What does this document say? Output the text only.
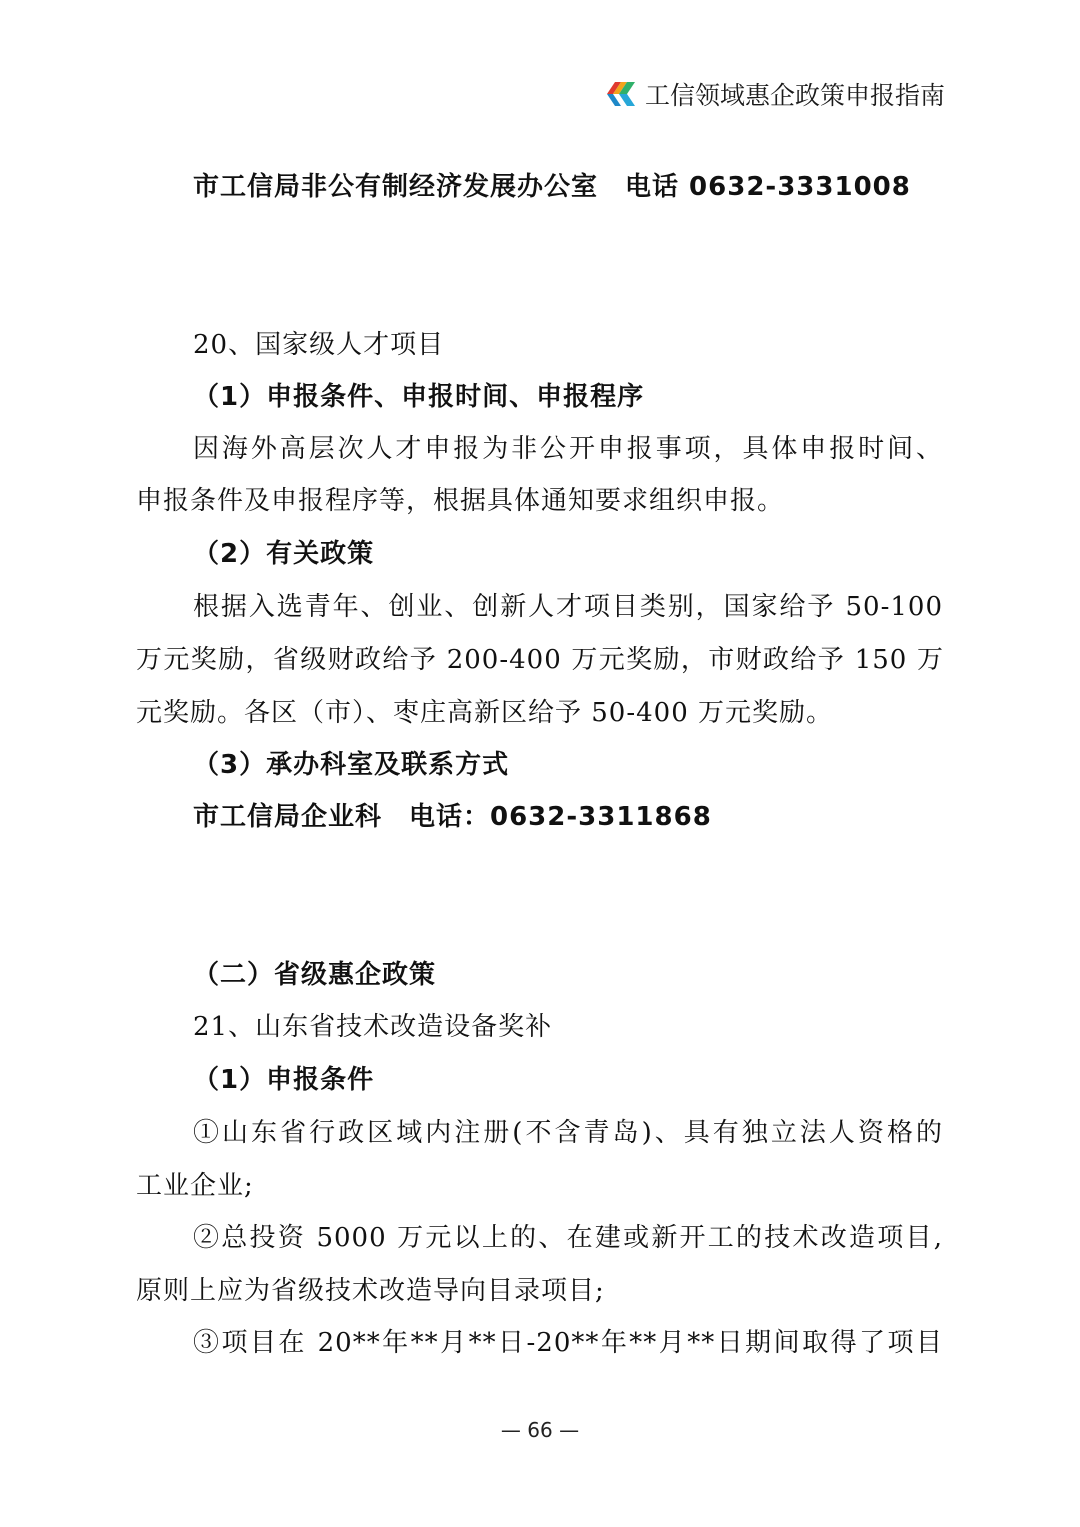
工信领域惠企政策申报指南
市工信局非公有制经济发展办公室　电话 0632-3331008
20、国家级人才项目
（1）申报条件、申报时间、申报程序
因海外高层次人才申报为非公开申报事项，具体申报时间、
申报条件及申报程序等，根据具体通知要求组织申报。
（2）有关政策
根据入选青年、创业、创新人才项目类别，国家给予 50-100
万元奖励，省级财政给予 200-400 万元奖励，市财政给予 150 万
元奖励。各区（市）、枣庄高新区给予 50-400 万元奖励。
（3）承办科室及联系方式
市工信局企业科　电话：0632-3311868
（二）省级惠企政策
21、山东省技术改造设备奖补
（1）申报条件
①山东省行政区域内注册(不含青岛)、具有独立法人资格的
工业企业;
②总投资 5000 万元以上的、在建或新开工的技术改造项目,
原则上应为省级技术改造导向目录项目;
③项目在 20**年**月**日-20**年**月**日期间取得了项目
— 66 —
